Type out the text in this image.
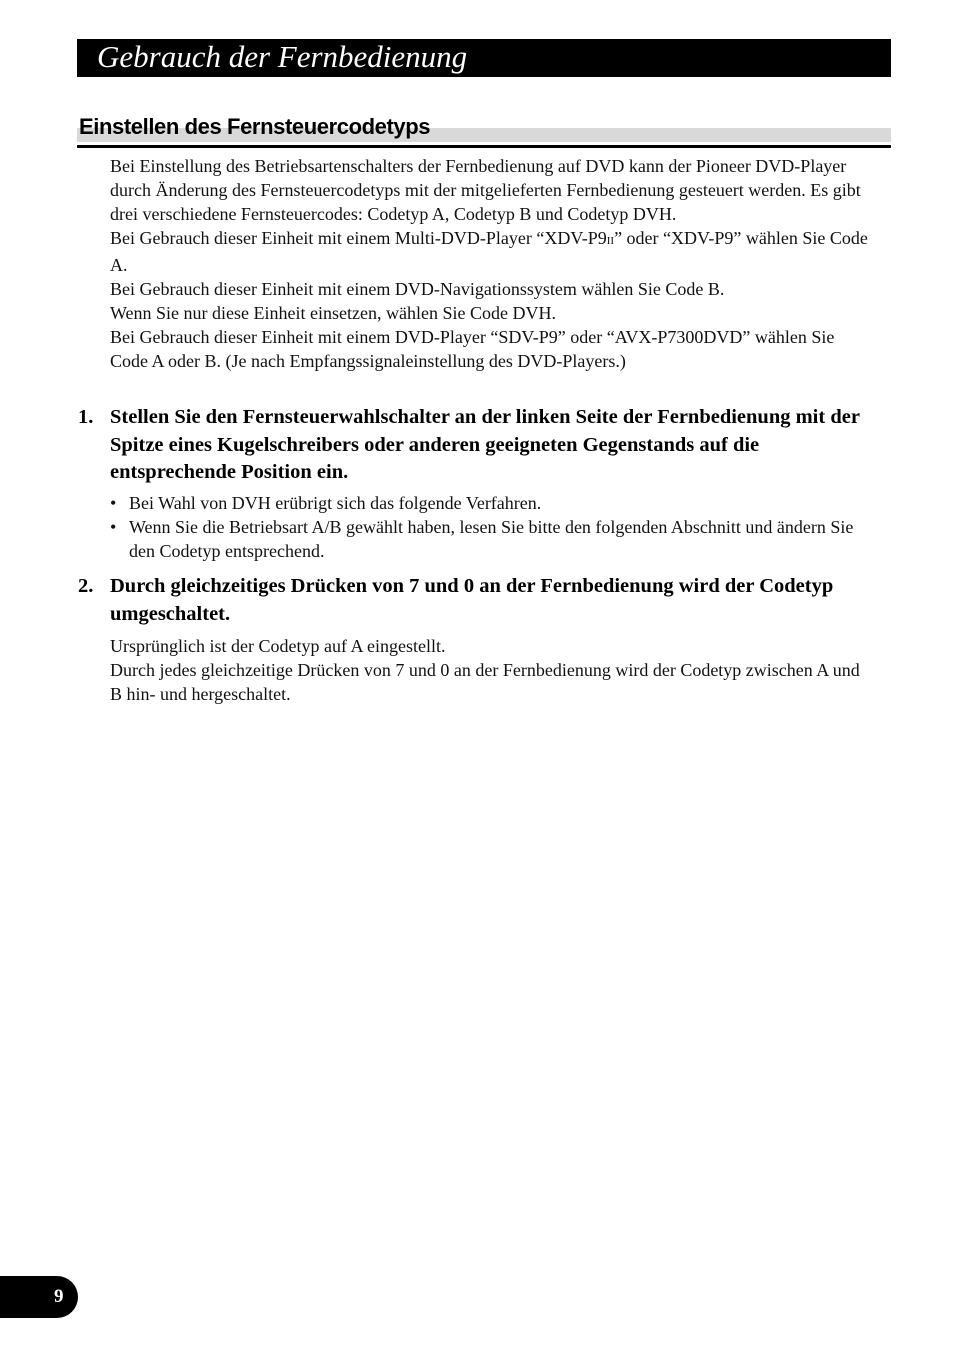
Gebrauch der Fernbedienung
Einstellen des Fernsteuercodetyps

Bei Einstellung des Betriebsartenschalters der Fernbedienung auf DVD kann der Pioneer DVD-Player durch Änderung des Fernsteuercodetyps mit der mitgelieferten Fernbedienung gesteuert werden. Es gibt drei verschiedene Fernsteuercodes: Codetyp A, Codetyp B und Codetyp DVH.

Bei Gebrauch dieser Einheit mit einem Multi-DVD-Player “XDV-P9II” oder “XDV-P9” wählen Sie Code A.

Bei Gebrauch dieser Einheit mit einem DVD-Navigationssystem wählen Sie Code B.

Wenn Sie nur diese Einheit einsetzen, wählen Sie Code DVH.

Bei Gebrauch dieser Einheit mit einem DVD-Player “SDV-P9” oder “AVX-P7300DVD” wählen Sie Code A oder B. (Je nach Empfangssignaleinstellung des DVD-Players.)

1. Stellen Sie den Fernsteuerwahlschalter an der linken Seite der Fernbedienung mit der Spitze eines Kugelschreibers oder anderen geeigneten Gegenstands auf die entsprechende Position ein.
• Bei Wahl von DVH erübrigt sich das folgende Verfahren.
• Wenn Sie die Betriebsart A/B gewählt haben, lesen Sie bitte den folgenden Abschnitt und ändern Sie den Codetyp entsprechend.
2. Durch gleichzeitiges Drücken von 7 und 0 an der Fernbedienung wird der Codetyp umgeschaltet.

Ursprünglich ist der Codetyp auf A eingestellt.

Durch jedes gleichzeitige Drücken von 7 und 0 an der Fernbedienung wird der Codetyp zwischen A und B hin- und hergeschaltet.

9
